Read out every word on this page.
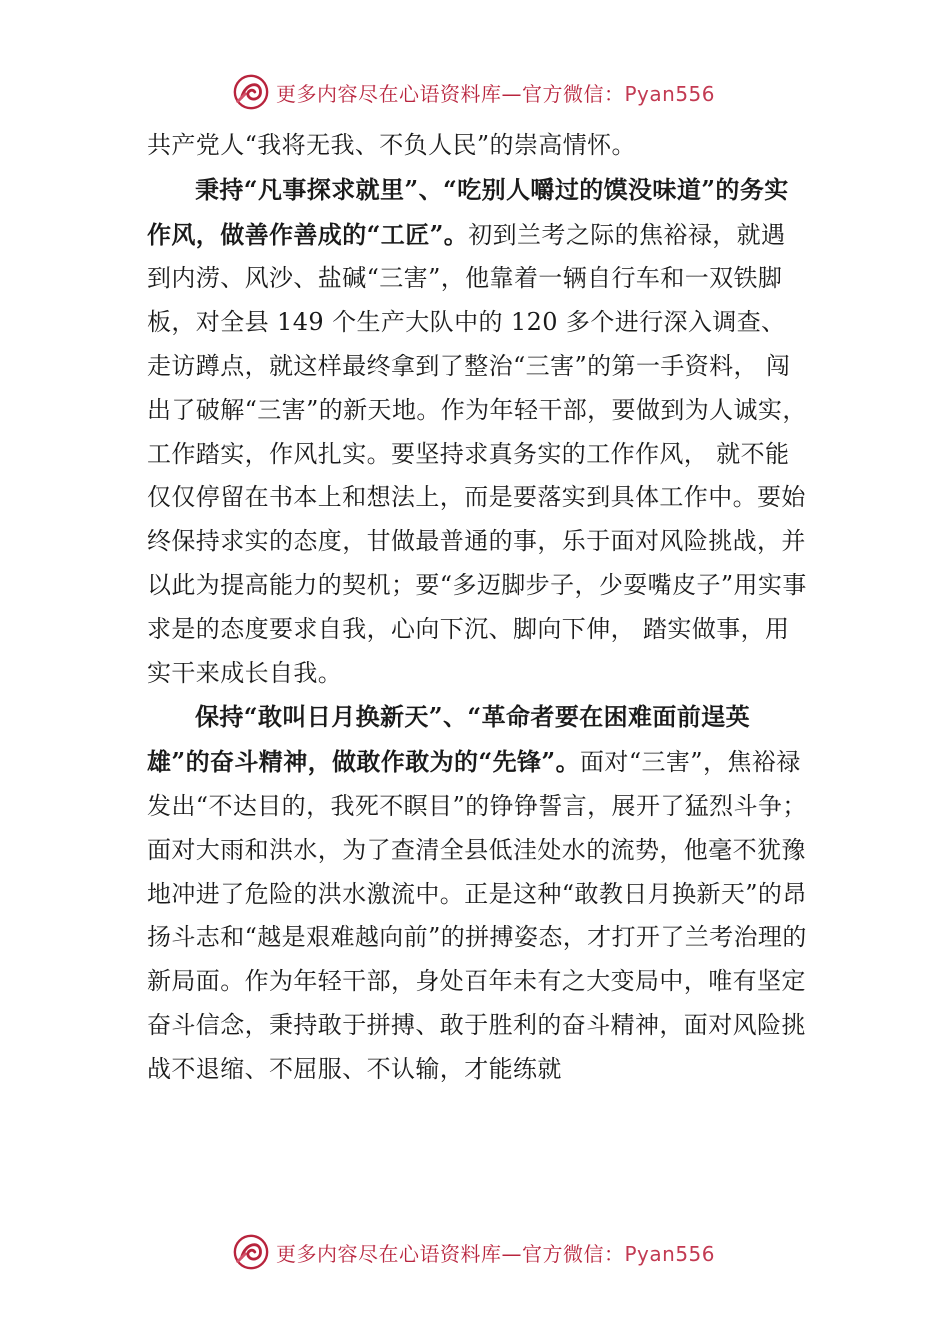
更多内容尽在心语资料库—官方微信：Pyan556

共产党人“我将无我、不负人民”的崇高情怀。

秉持“凡事探求就里”、“吃别人嚼过的馍没味道”的务实作风，做善作善成的“工匠”。初到兰考之际的焦裕禄，就遇到内涝、风沙、盐碱“三害”，他靠着一辆自行车和一双铁脚板，对全县 149 个生产大队中的 120 多个进行深入调查、走访蹲点，就这样最终拿到了整治“三害”的第一手资料， 闯出了破解“三害”的新天地。作为年轻干部，要做到为人诚实，工作踏实，作风扎实。要坚持求真务实的工作作风， 就不能仅仅停留在书本上和想法上，而是要落实到具体工作中。要始终保持求实的态度，甘做最普通的事，乐于面对风险挑战，并以此为提高能力的契机；要“多迈脚步子，少耍嘴皮子”用实事求是的态度要求自我，心向下沉、脚向下伸， 踏实做事，用实干来成长自我。

保持“敢叫日月换新天”、“革命者要在困难面前逞英雄”的奋斗精神，做敢作敢为的“先锋”。面对“三害”，焦裕禄发出“不达目的，我死不瞑目”的铮铮誓言，展开了猛烈斗争；面对大雨和洪水，为了查清全县低洼处水的流势，他毫不犹豫地冲进了危险的洪水激流中。正是这种“敢教日月换新天”的昂扬斗志和“越是艰难越向前”的拼搏姿态，才打开了兰考治理的新局面。作为年轻干部，身处百年未有之大变局中，唯有坚定奋斗信念，秉持敢于拼搏、敢于胜利的奋斗精神，面对风险挑战不退缩、不屈服、不认输，才能练就

更多内容尽在心语资料库—官方微信：Pyan556
